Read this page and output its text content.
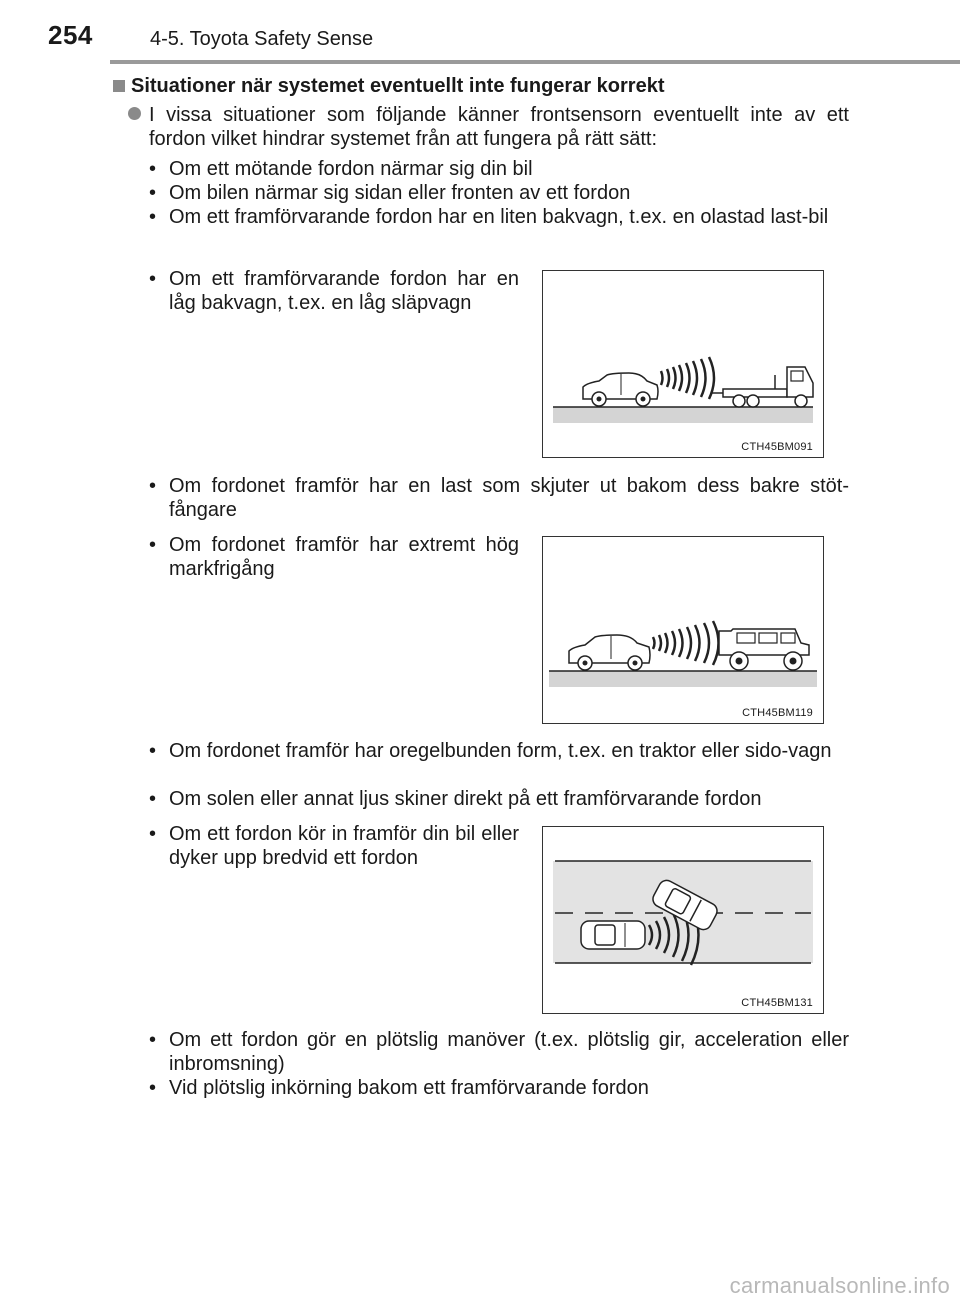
254	4-5. Toyota Safety Sense
Situationer när systemet eventuellt inte fungerar korrekt
I vissa situationer som följande känner frontsensorn eventuellt inte av ett fordon vilket hindrar systemet från att fungera på rätt sätt:
• Om ett mötande fordon närmar sig din bil
• Om bilen närmar sig sidan eller fronten av ett fordon
• Om ett framförvarande fordon har en liten bakvagn, t.ex. en olastad last-bil
• Om ett framförvarande fordon har en låg bakvagn, t.ex. en låg släpvagn
CTH45BM091
• Om fordonet framför har en last som skjuter ut bakom dess bakre stöt-fångare
• Om fordonet framför har extremt hög markfrigång
CTH45BM119
• Om fordonet framför har oregelbunden form, t.ex. en traktor eller sido-vagn
• Om solen eller annat ljus skiner direkt på ett framförvarande fordon
• Om ett fordon kör in framför din bil eller dyker upp bredvid ett fordon
CTH45BM131
• Om ett fordon gör en plötslig manöver (t.ex. plötslig gir, acceleration eller inbromsning)
• Vid plötslig inkörning bakom ett framförvarande fordon
carmanualsonline.info
